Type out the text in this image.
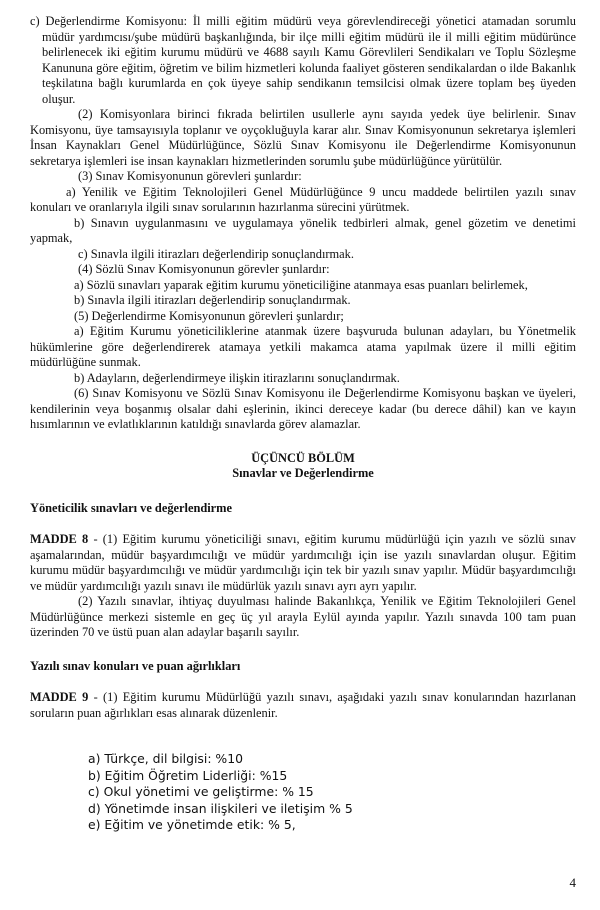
c) Değerlendirme Komisyonu: İl milli eğitim müdürü veya görevlendireceği yönetici atamadan sorumlu müdür yardımcısı/şube müdürü başkanlığında, bir ilçe milli eğitim müdürü ile il milli eğitim müdürünce belirlenecek iki eğitim kurumu müdürü ve 4688 sayılı Kamu Görevlileri Sendikaları ve Toplu Sözleşme Kanununa göre eğitim, öğretim ve bilim hizmetleri kolunda faaliyet gösteren sendikalardan o ilde Bakanlık teşkilatına bağlı kurumlarda en çok üyeye sahip sendikanın temsilcisi olmak üzere toplam beş üyeden oluşur.

(2) Komisyonlara birinci fıkrada belirtilen usullerle aynı sayıda yedek üye belirlenir. Sınav Komisyonu, üye tamsayısıyla toplanır ve oyçokluğuyla karar alır. Sınav Komisyonunun sekretarya işlemleri İnsan Kaynakları Genel Müdürlüğünce, Sözlü Sınav Komisyonu ile Değerlendirme Komisyonunun sekretarya işlemleri ise insan kaynakları hizmetlerinden sorumlu şube müdürlüğünce yürütülür.

(3) Sınav Komisyonunun görevleri şunlardır:

a) Yenilik ve Eğitim Teknolojileri Genel Müdürlüğünce 9 uncu maddede belirtilen yazılı sınav konuları ve oranlarıyla ilgili sınav sorularının hazırlanma sürecini yürütmek.

b) Sınavın uygulanmasını ve uygulamaya yönelik tedbirleri almak, genel gözetim ve denetimi yapmak,

c) Sınavla ilgili itirazları değerlendirip sonuçlandırmak.

(4) Sözlü Sınav Komisyonunun görevler şunlardır:

a) Sözlü sınavları yaparak eğitim kurumu yöneticiliğine atanmaya esas puanları belirlemek,

b) Sınavla ilgili itirazları değerlendirip sonuçlandırmak.

(5) Değerlendirme Komisyonunun görevleri şunlardır;

a) Eğitim Kurumu yöneticiliklerine atanmak üzere başvuruda bulunan adayları, bu Yönetmelik hükümlerine göre değerlendirerek atamaya yetkili makamca atama yapılmak üzere il milli eğitim müdürlüğüne sunmak.

b) Adayların, değerlendirmeye ilişkin itirazlarını sonuçlandırmak.

(6) Sınav Komisyonu ve Sözlü Sınav Komisyonu ile Değerlendirme Komisyonu başkan ve üyeleri, kendilerinin veya boşanmış olsalar dahi eşlerinin, ikinci dereceye kadar (bu derece dâhil) kan ve kayın hısımlarının ve evlatlıklarının katıldığı sınavlarda görev alamazlar.

ÜÇÜNCÜ BÖLÜM

Sınavlar ve Değerlendirme

Yöneticilik sınavları ve değerlendirme

MADDE 8 - (1) Eğitim kurumu yöneticiliği sınavı, eğitim kurumu müdürlüğü için yazılı ve sözlü sınav aşamalarından, müdür başyardımcılığı ve müdür yardımcılığı için ise yazılı sınavlardan oluşur. Eğitim kurumu müdür başyardımcılığı ve müdür yardımcılığı için tek bir yazılı sınav yapılır. Müdür başyardımcılığı ve müdür yardımcılığı yazılı sınavı ile müdürlük yazılı sınavı ayrı ayrı yapılır.

(2) Yazılı sınavlar, ihtiyaç duyulması halinde Bakanlıkça, Yenilik ve Eğitim Teknolojileri Genel Müdürlüğünce merkezi sistemle en geç üç yıl arayla Eylül ayında yapılır. Yazılı sınavda 100 tam puan üzerinden 70 ve üstü puan alan adaylar başarılı sayılır.

Yazılı sınav konuları ve puan ağırlıkları

MADDE 9 - (1) Eğitim kurumu Müdürlüğü yazılı sınavı, aşağıdaki yazılı sınav konularından hazırlanan soruların puan ağırlıkları esas alınarak düzenlenir.

a) Türkçe, dil bilgisi: %10
b) Eğitim Öğretim Liderliği: %15
c) Okul yönetimi ve geliştirme: % 15
d) Yönetimde insan ilişkileri ve iletişim % 5
e) Eğitim ve yönetimde etik: % 5,
4
